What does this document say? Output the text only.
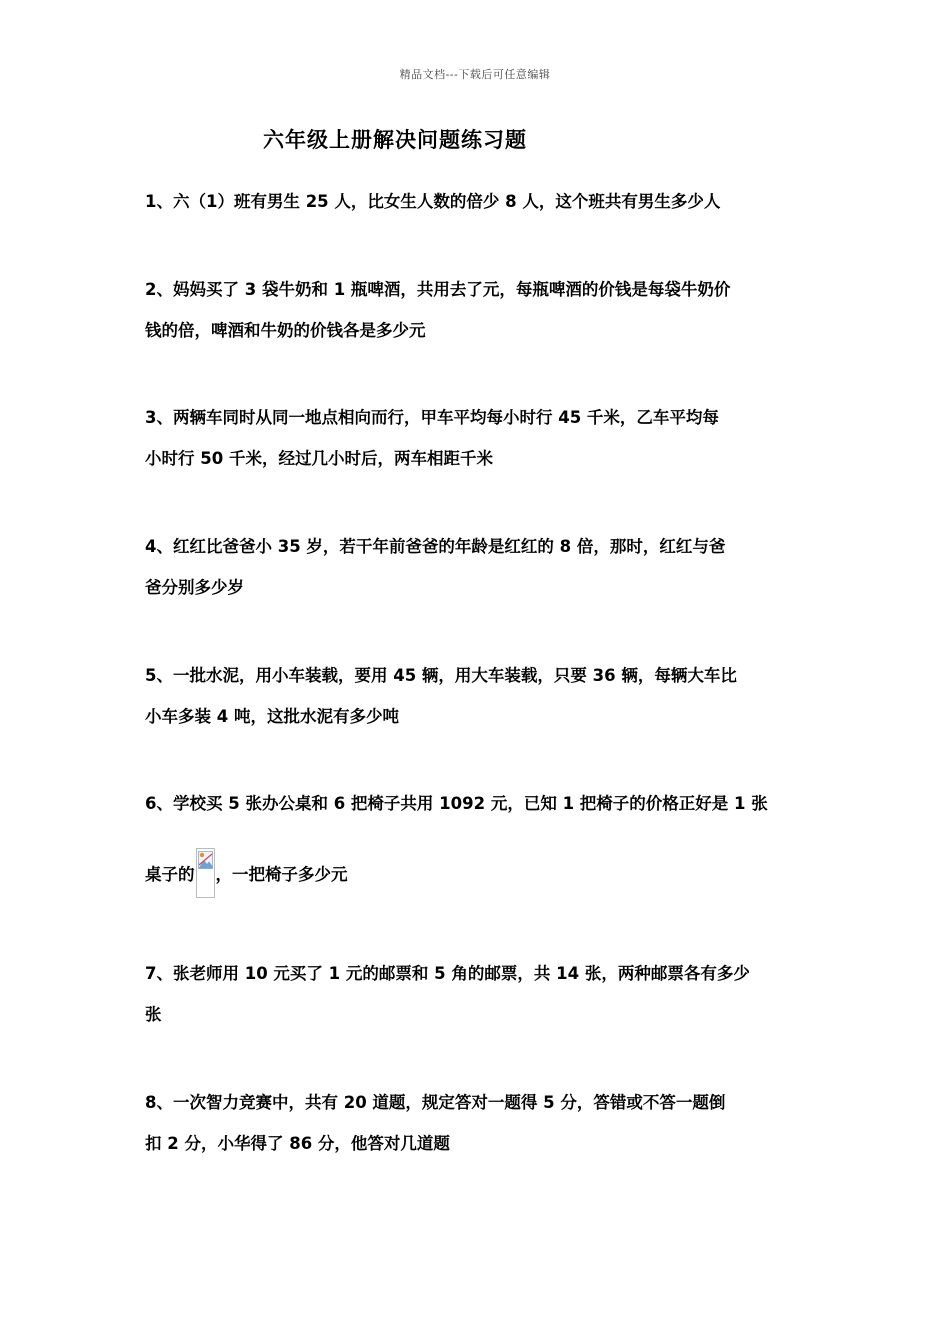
精品文档---下载后可任意编辑
六年级上册解决问题练习题
1、六（1）班有男生 25 人，比女生人数的倍少 8 人，这个班共有男生多少人
2、妈妈买了 3 袋牛奶和 1 瓶啤酒，共用去了元，每瓶啤酒的价钱是每袋牛奶价
钱的倍，啤酒和牛奶的价钱各是多少元
3、两辆车同时从同一地点相向而行，甲车平均每小时行 45 千米，乙车平均每
小时行 50 千米，经过几小时后，两车相距千米
4、红红比爸爸小 35 岁，若干年前爸爸的年龄是红红的 8 倍，那时，红红与爸
爸分别多少岁
5、一批水泥，用小车装载，要用 45 辆，用大车装载，只要 36 辆，每辆大车比
小车多装 4 吨，这批水泥有多少吨
6、学校买 5 张办公桌和 6 把椅子共用 1092 元，已知 1 把椅子的价格正好是 1 张
桌子的 ，一把椅子多少元
7、张老师用 10 元买了 1 元的邮票和 5 角的邮票，共 14 张，两种邮票各有多少
张
8、一次智力竞赛中，共有 20 道题，规定答对一题得 5 分，答错或不答一题倒
扣 2 分，小华得了 86 分，他答对几道题
